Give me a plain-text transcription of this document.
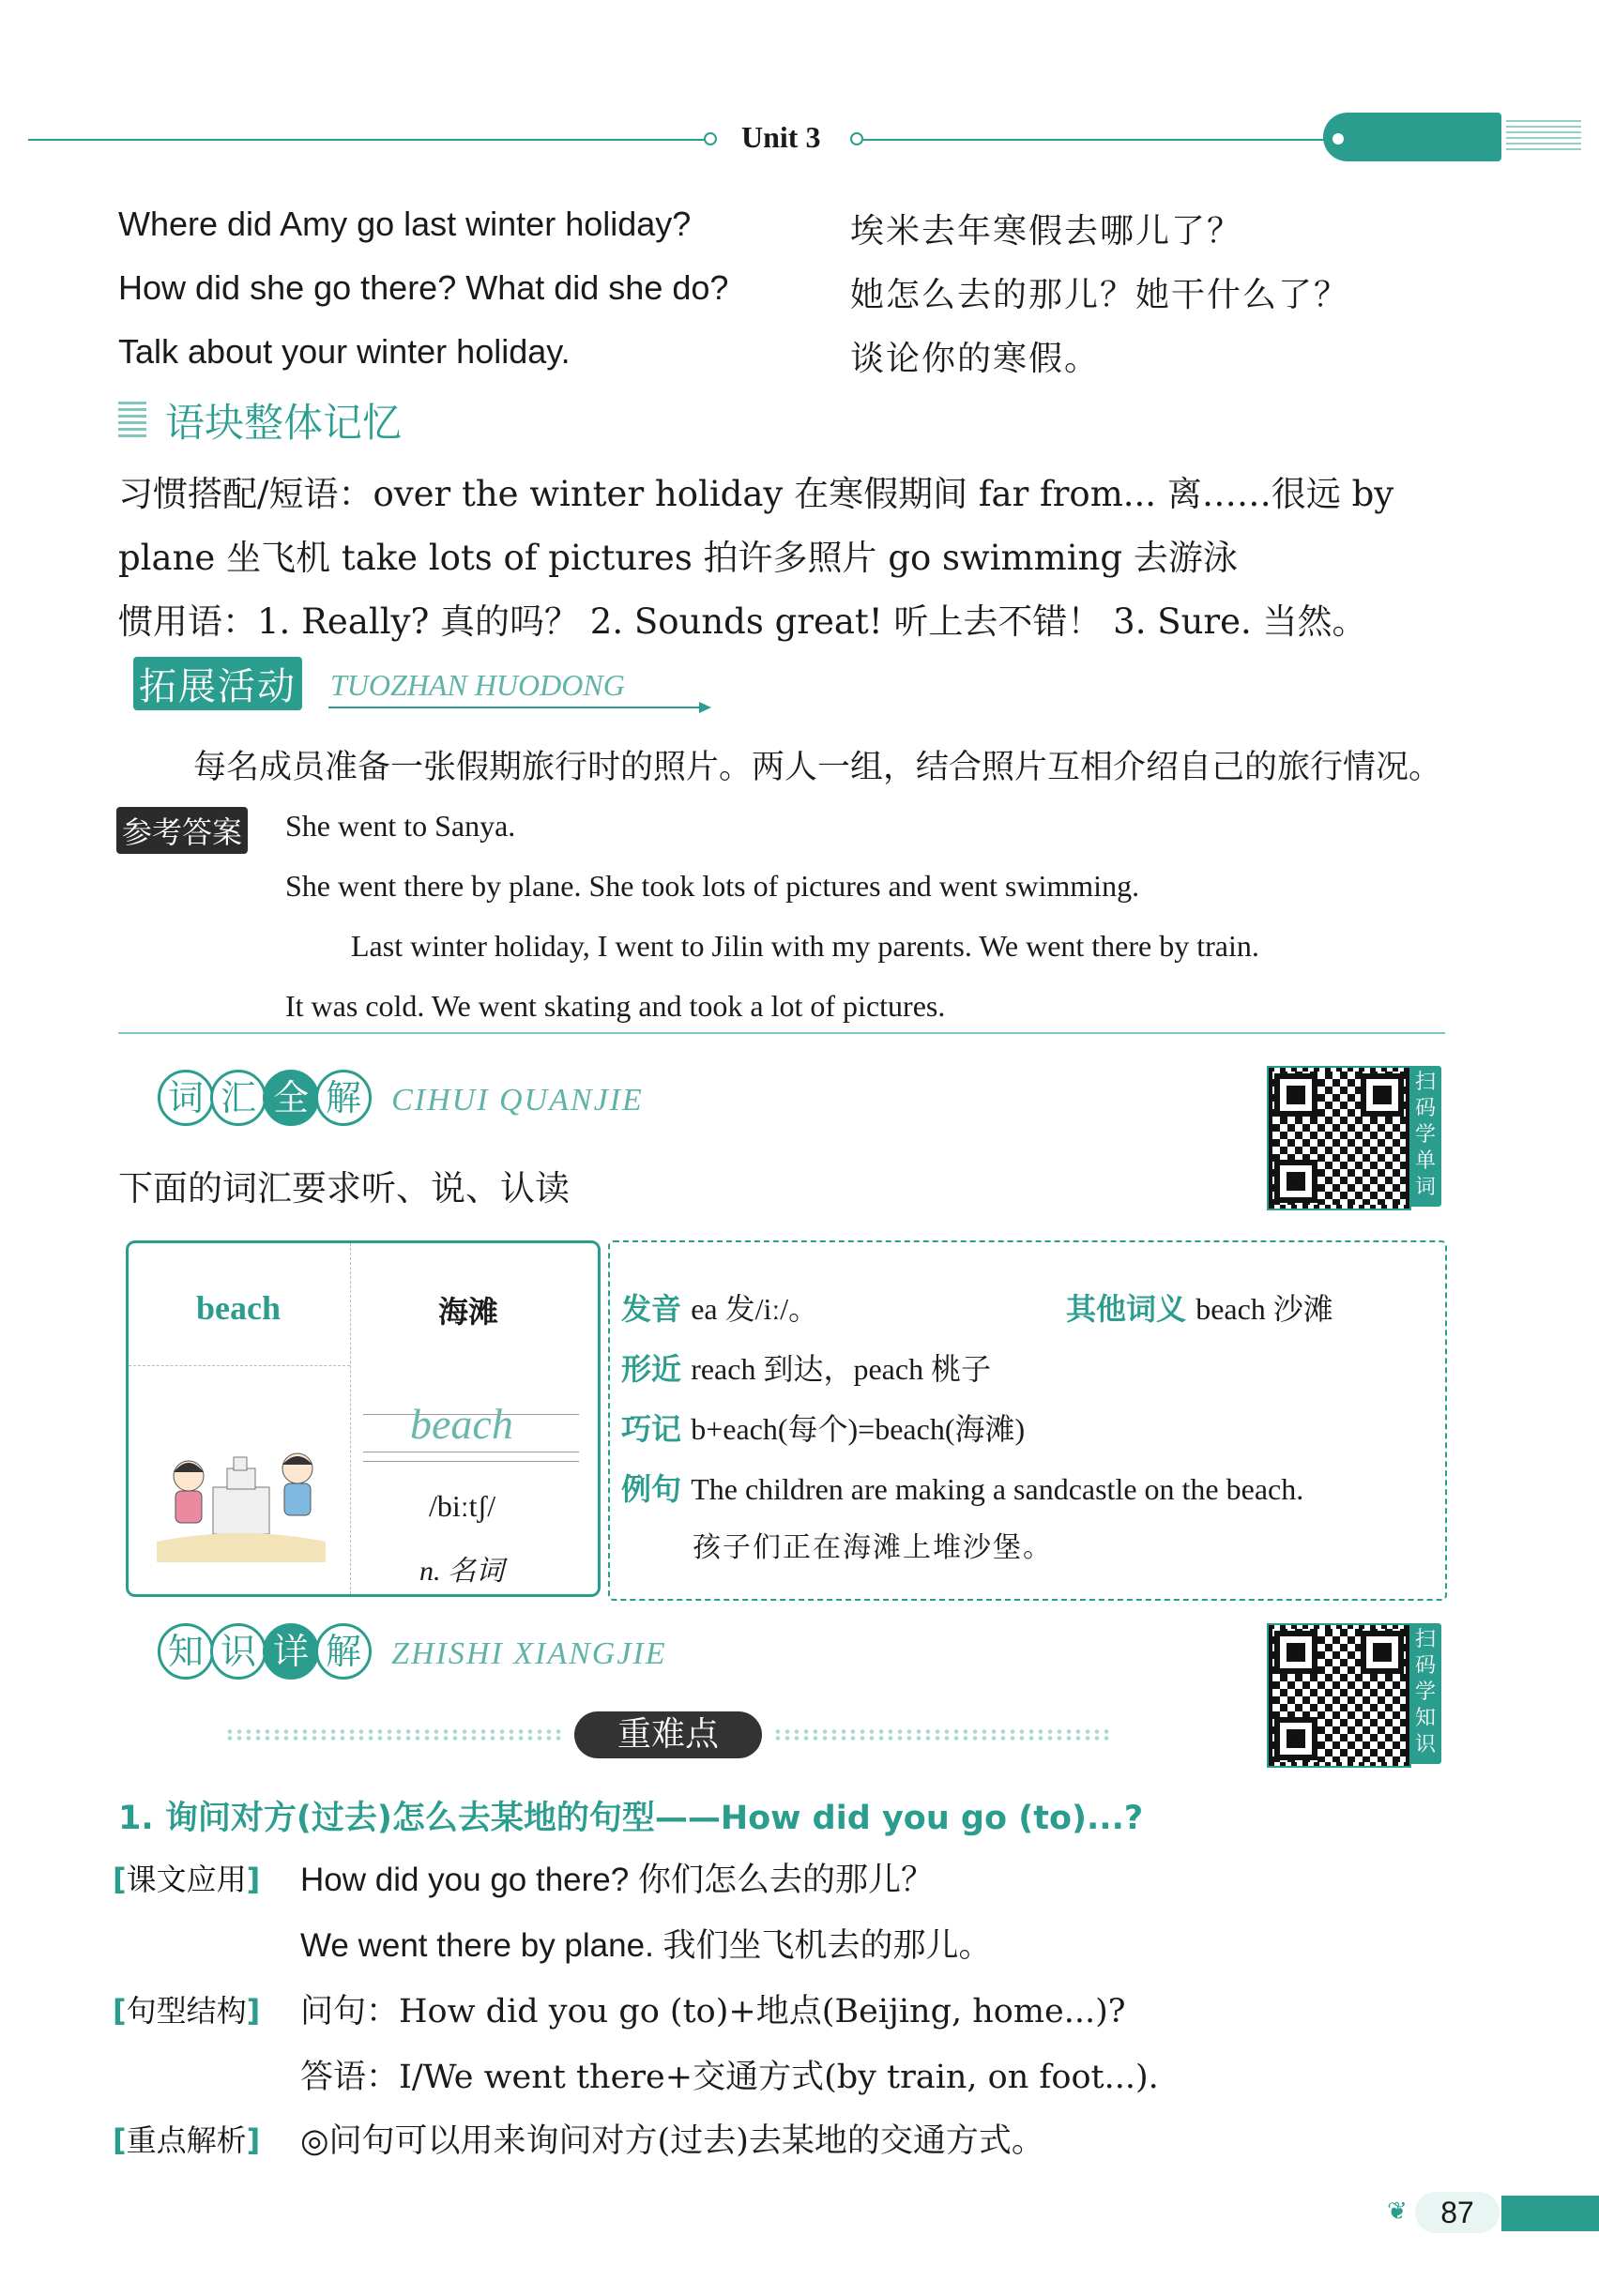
Unit 3
Where did Amy go last winter holiday?	埃米去年寒假去哪儿了？
How did she go there? What did she do?	她怎么去的那儿？她干什么了？
Talk about your winter holiday.	谈论你的寒假。
语块整体记忆
习惯搭配/短语：over the winter holiday 在寒假期间 far from... 离……很远 by
plane 坐飞机 take lots of pictures 拍许多照片 go swimming 去游泳
惯用语：1. Really? 真的吗？ 2. Sounds great! 听上去不错！ 3. Sure. 当然。
拓展活动 TUOZHAN HUODONG
每名成员准备一张假期旅行时的照片。两人一组，结合照片互相介绍自己的旅行情况。
参考答案 She went to Sanya.
She went there by plane. She took lots of pictures and went swimming.
Last winter holiday, I went to Jilin with my parents. We went there by train.
It was cold. We went skating and took a lot of pictures.
词 汇 全 解 CIHUI QUANJIE
扫码学单词
下面的词汇要求听、说、认读
beach	海滩
beach
/biːtʃ/
n. 名词
发音 ea 发/iː/。	其他词义 beach 沙滩
形近 reach 到达，peach 桃子
巧记 b+each(每个)=beach(海滩)
例句 The children are making a sandcastle on the beach.
孩子们正在海滩上堆沙堡。
知 识 详 解 ZHISHI XIANGJIE	扫码学知识
重难点
1. 询问对方(过去)怎么去某地的句型——How did you go (to)...?
[课文应用] How did you go there? 你们怎么去的那儿？
We went there by plane. 我们坐飞机去的那儿。
[句型结构] 问句：How did you go (to)+地点(Beijing, home...)?
答语：I/We went there+交通方式(by train, on foot...).
[重点解析] ◎问句可以用来询问对方(过去)去某地的交通方式。
❦	87
